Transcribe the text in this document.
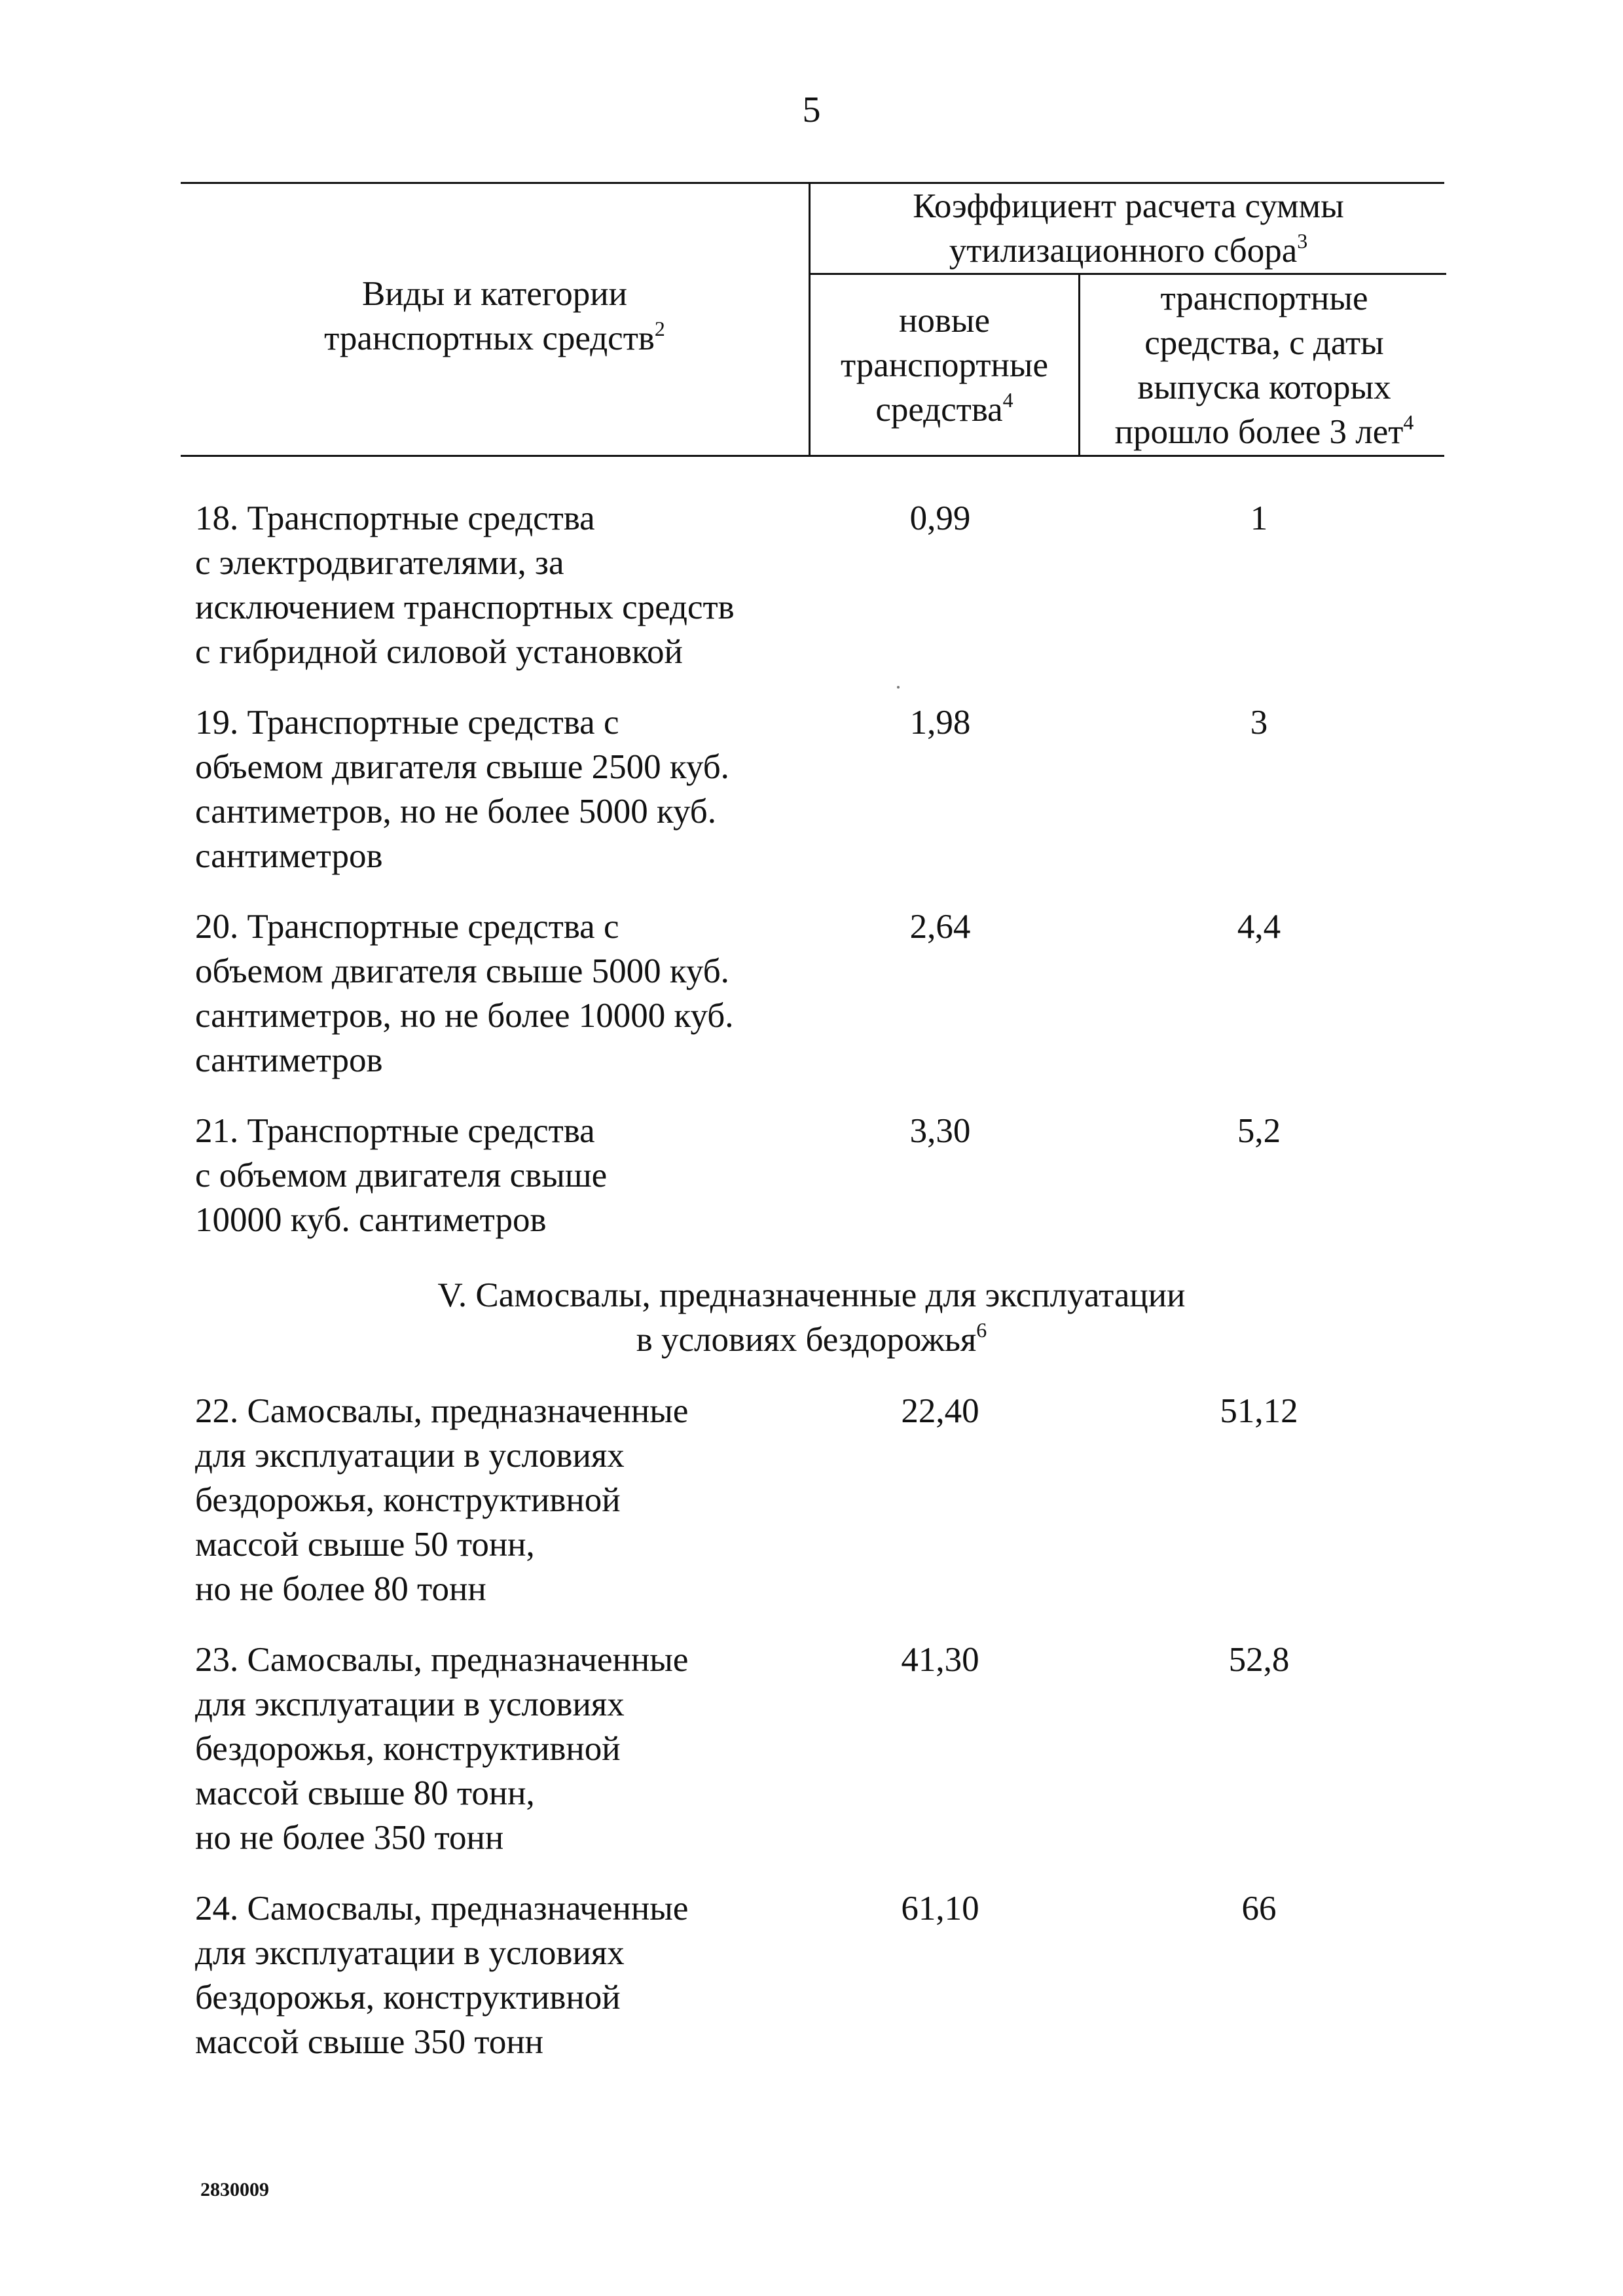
5
Виды и категории
транспортных средств$^2$
Коэффициент расчета суммы
утилизационного сбора$^3$
новые
транспортные
средства$^4$
транспортные
средства, с даты
выпуска которых
прошло более 3 лет$^4$
18. Транспортные средства
с электродвигателями, за
исключением транспортных средств
с гибридной силовой установкой
0,99	1
19. Транспортные средства с
объемом двигателя свыше 2500 куб.
сантиметров, но не более 5000 куб.
сантиметров
1,98	3
20. Транспортные средства с
объемом двигателя свыше 5000 куб.
сантиметров, но не более 10000 куб.
сантиметров
2,64	4,4
21. Транспортные средства
с объемом двигателя свыше
10000 куб. сантиметров
3,30	5,2
V. Самосвалы, предназначенные для эксплуатации
в условиях бездорожья$^6$
22. Самосвалы, предназначенные
для эксплуатации в условиях
бездорожья, конструктивной
массой свыше 50 тонн,
но не более 80 тонн
22,40	51,12
23. Самосвалы, предназначенные
для эксплуатации в условиях
бездорожья, конструктивной
массой свыше 80 тонн,
но не более 350 тонн
41,30	52,8
24. Самосвалы, предназначенные
для эксплуатации в условиях
бездорожья, конструктивной
массой свыше 350 тонн
61,10	66
2830009
